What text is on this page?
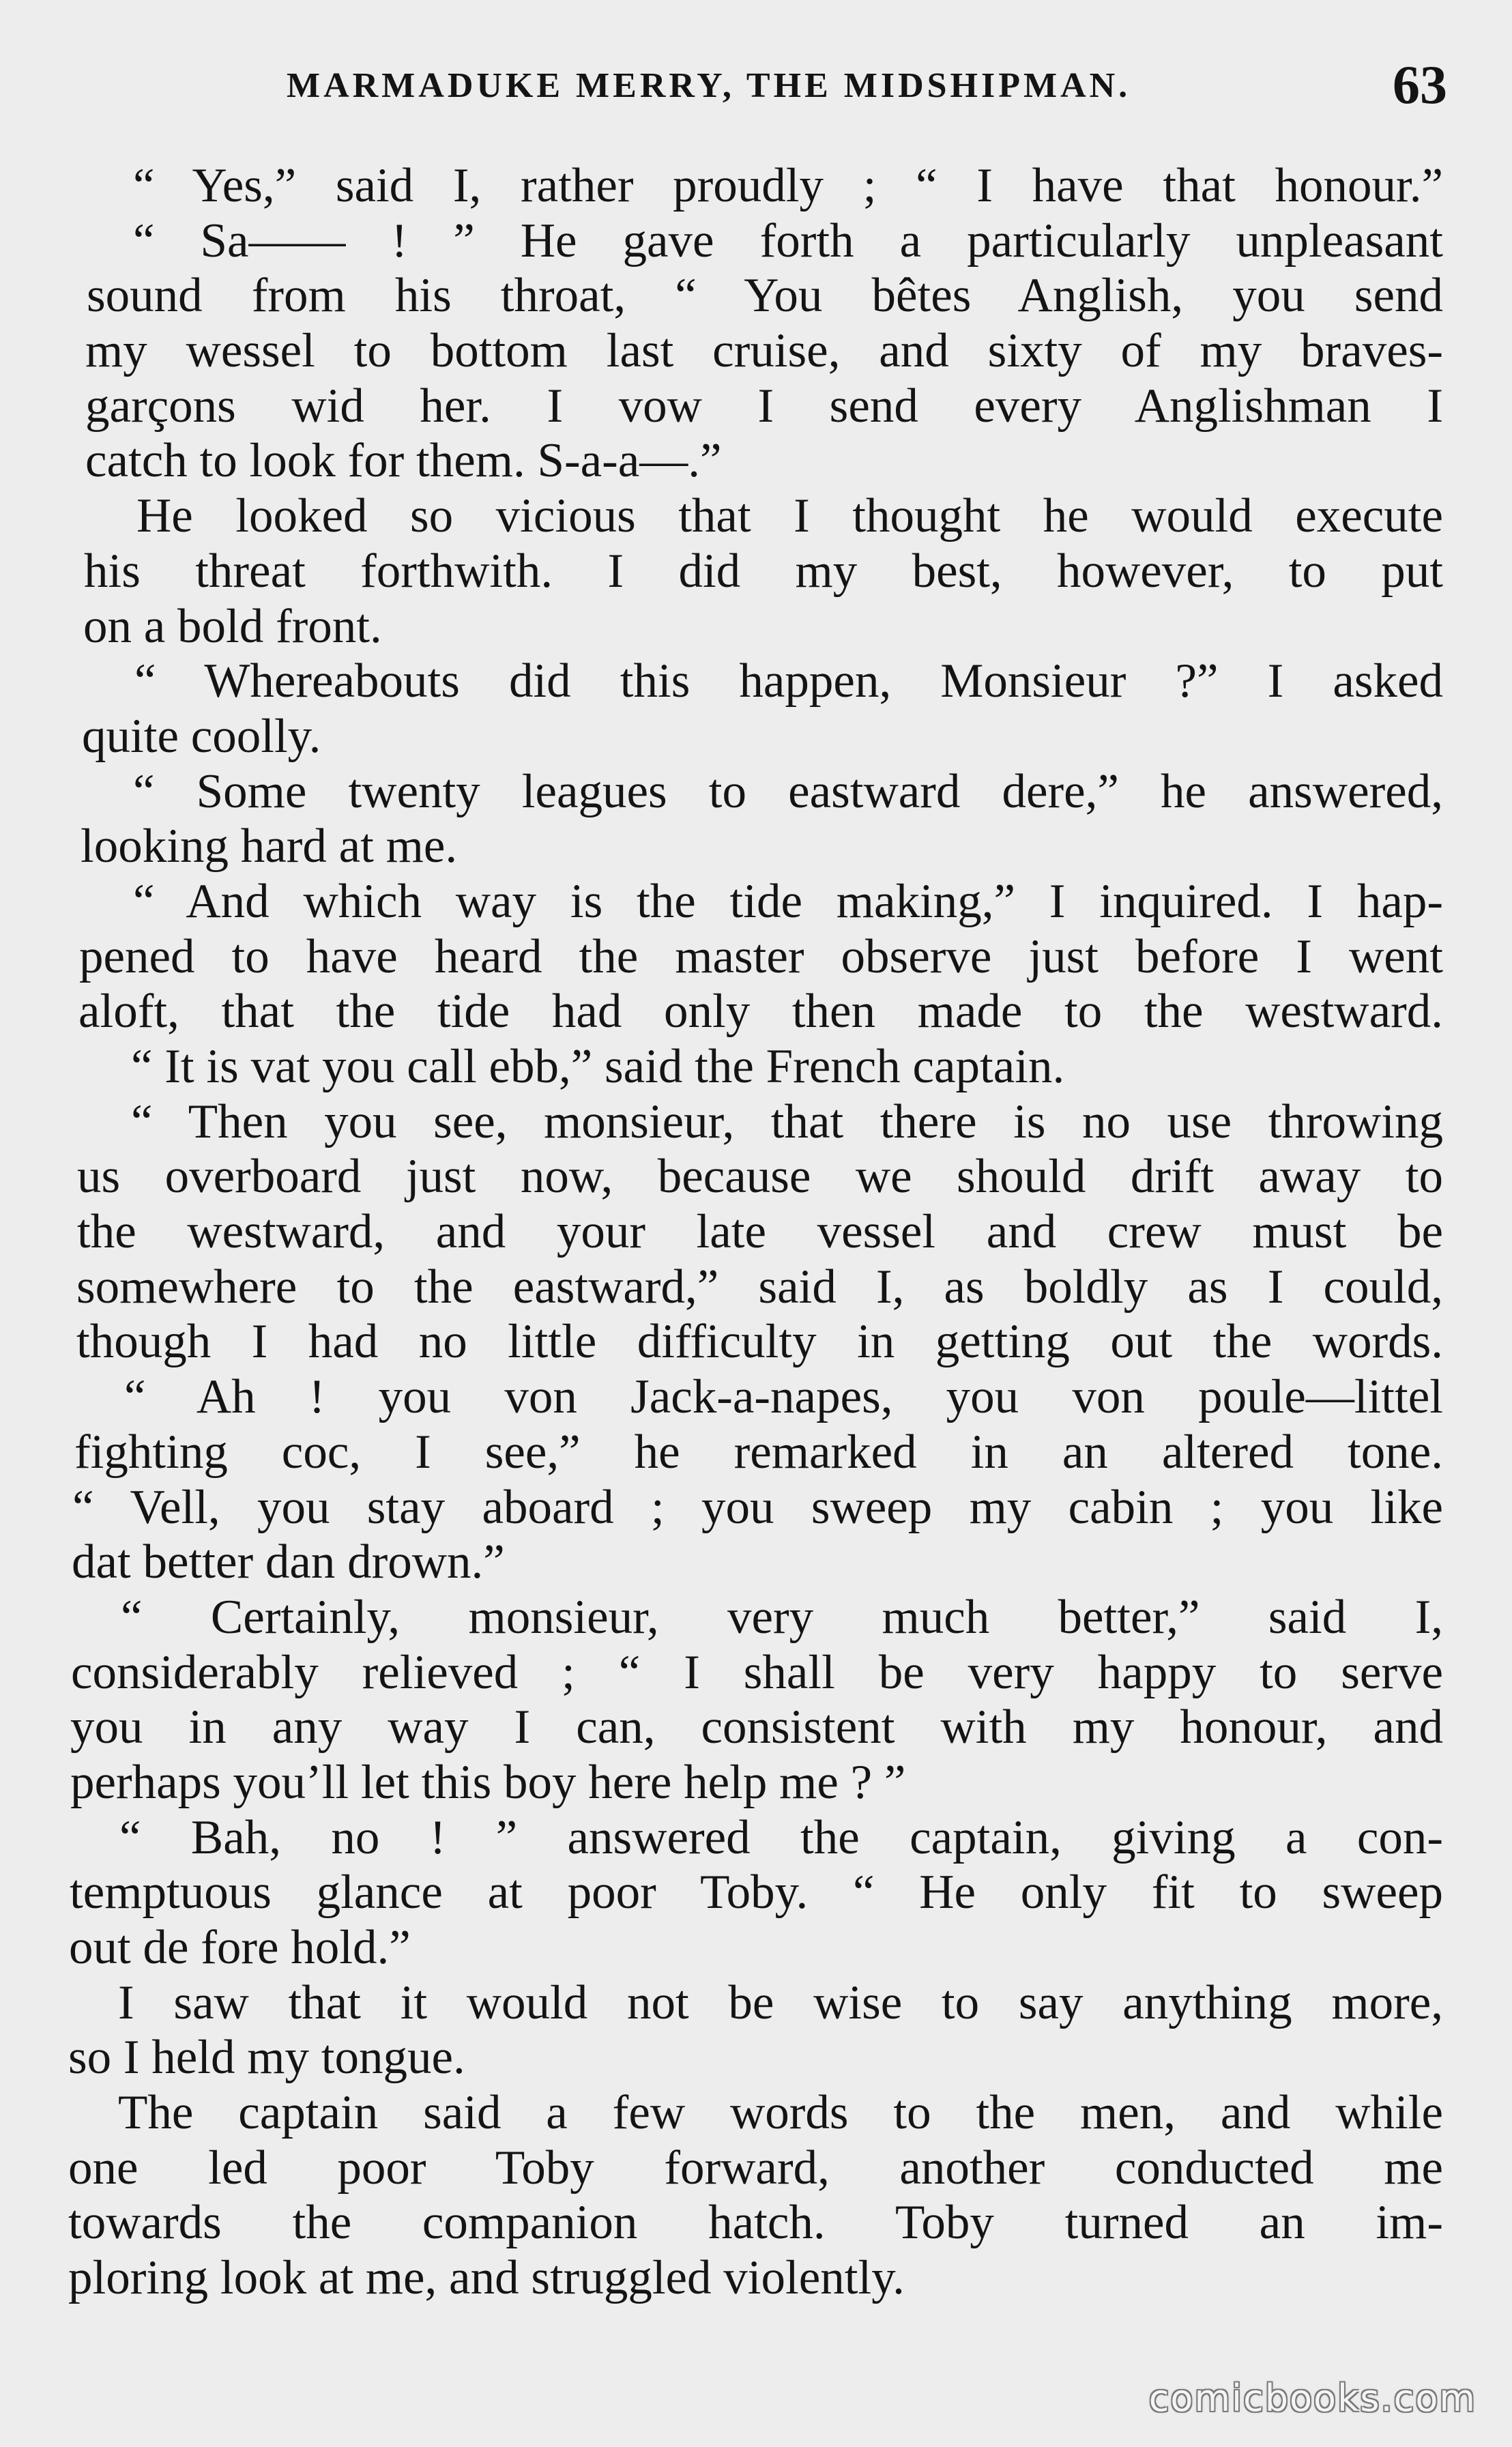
MARMADUKE MERRY, THE MIDSHIPMAN.	63
“ Yes,” said I, rather proudly ; “ I have that honour.”
“ Sa—— ! ” He gave forth a particularly unpleasant
sound from his throat, “ You bêtes Anglish, you send
my wessel to bottom last cruise, and sixty of my braves-
garçons wid her. I vow I send every Anglishman I
catch to look for them. S-a-a—.”
He looked so vicious that I thought he would execute
his threat forthwith. I did my best, however, to put
on a bold front.
“ Whereabouts did this happen, Monsieur ?” I asked
quite coolly.
“ Some twenty leagues to eastward dere,” he answered,
looking hard at me.
“ And which way is the tide making,” I inquired. I hap-
pened to have heard the master observe just before I went
aloft, that the tide had only then made to the westward.
“ It is vat you call ebb,” said the French captain.
“ Then you see, monsieur, that there is no use throwing
us overboard just now, because we should drift away to
the westward, and your late vessel and crew must be
somewhere to the eastward,” said I, as boldly as I could,
though I had no little difficulty in getting out the words.
“ Ah ! you von Jack-a-napes, you von poule—littel
fighting coc, I see,” he remarked in an altered tone.
“ Vell, you stay aboard ; you sweep my cabin ; you like
dat better dan drown.”
“ Certainly, monsieur, very much better,” said I,
considerably relieved ; “ I shall be very happy to serve
you in any way I can, consistent with my honour, and
perhaps you’ll let this boy here help me ? ”
“ Bah, no ! ” answered the captain, giving a con-
temptuous glance at poor Toby. “ He only fit to sweep
out de fore hold.”
I saw that it would not be wise to say anything more,
so I held my tongue.
The captain said a few words to the men, and while
one led poor Toby forward, another conducted me
towards the companion hatch. Toby turned an im-
ploring look at me, and struggled violently.
comicbooks.com
